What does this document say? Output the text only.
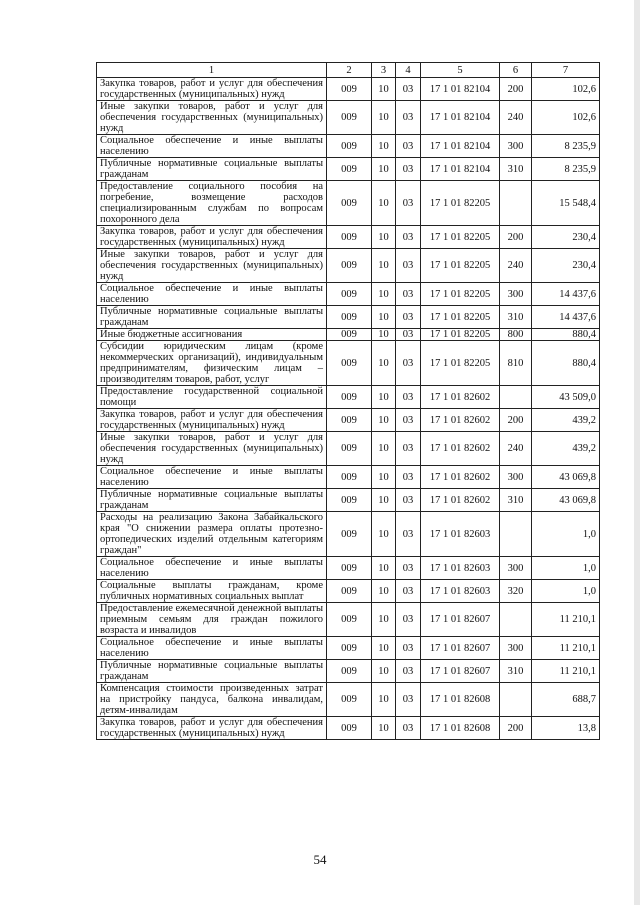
1	2	3	4	5	6	7
Закупка товаров, работ и услуг для обеспечения государственных (муниципальных) нужд	009	10	03	17 1 01 82104	200	102,6
Иные закупки товаров, работ и услуг для обеспечения государственных (муниципальных) нужд	009	10	03	17 1 01 82104	240	102,6
Социальное обеспечение и иные выплаты населению	009	10	03	17 1 01 82104	300	8 235,9
Публичные нормативные социальные выплаты гражданам	009	10	03	17 1 01 82104	310	8 235,9
Предоставление социального пособия на погребение, возмещение расходов специализированным службам по вопросам похоронного дела	009	10	03	17 1 01 82205		15 548,4
Закупка товаров, работ и услуг для обеспечения государственных (муниципальных) нужд	009	10	03	17 1 01 82205	200	230,4
Иные закупки товаров, работ и услуг для обеспечения государственных (муниципальных) нужд	009	10	03	17 1 01 82205	240	230,4
Социальное обеспечение и иные выплаты населению	009	10	03	17 1 01 82205	300	14 437,6
Публичные нормативные социальные выплаты гражданам	009	10	03	17 1 01 82205	310	14 437,6
Иные бюджетные ассигнования	009	10	03	17 1 01 82205	800	880,4
Субсидии юридическим лицам (кроме некоммерческих организаций), индивидуальным предпринимателям, физическим лицам – производителям товаров, работ, услуг	009	10	03	17 1 01 82205	810	880,4
Предоставление государственной социальной помощи	009	10	03	17 1 01 82602		43 509,0
Закупка товаров, работ и услуг для обеспечения государственных (муниципальных) нужд	009	10	03	17 1 01 82602	200	439,2
Иные закупки товаров, работ и услуг для обеспечения государственных (муниципальных) нужд	009	10	03	17 1 01 82602	240	439,2
Социальное обеспечение и иные выплаты населению	009	10	03	17 1 01 82602	300	43 069,8
Публичные нормативные социальные выплаты гражданам	009	10	03	17 1 01 82602	310	43 069,8
Расходы на реализацию Закона Забайкальского края "О снижении размера оплаты протезно-ортопедических изделий отдельным категориям граждан"	009	10	03	17 1 01 82603		1,0
Социальное обеспечение и иные выплаты населению	009	10	03	17 1 01 82603	300	1,0
Социальные выплаты гражданам, кроме публичных нормативных социальных выплат	009	10	03	17 1 01 82603	320	1,0
Предоставление ежемесячной денежной выплаты приемным семьям для граждан пожилого возраста и инвалидов	009	10	03	17 1 01 82607		11 210,1
Социальное обеспечение и иные выплаты населению	009	10	03	17 1 01 82607	300	11 210,1
Публичные нормативные социальные выплаты гражданам	009	10	03	17 1 01 82607	310	11 210,1
Компенсация стоимости произведенных затрат на пристройку пандуса, балкона инвалидам, детям-инвалидам	009	10	03	17 1 01 82608		688,7
Закупка товаров, работ и услуг для обеспечения государственных (муниципальных) нужд	009	10	03	17 1 01 82608	200	13,8
54
